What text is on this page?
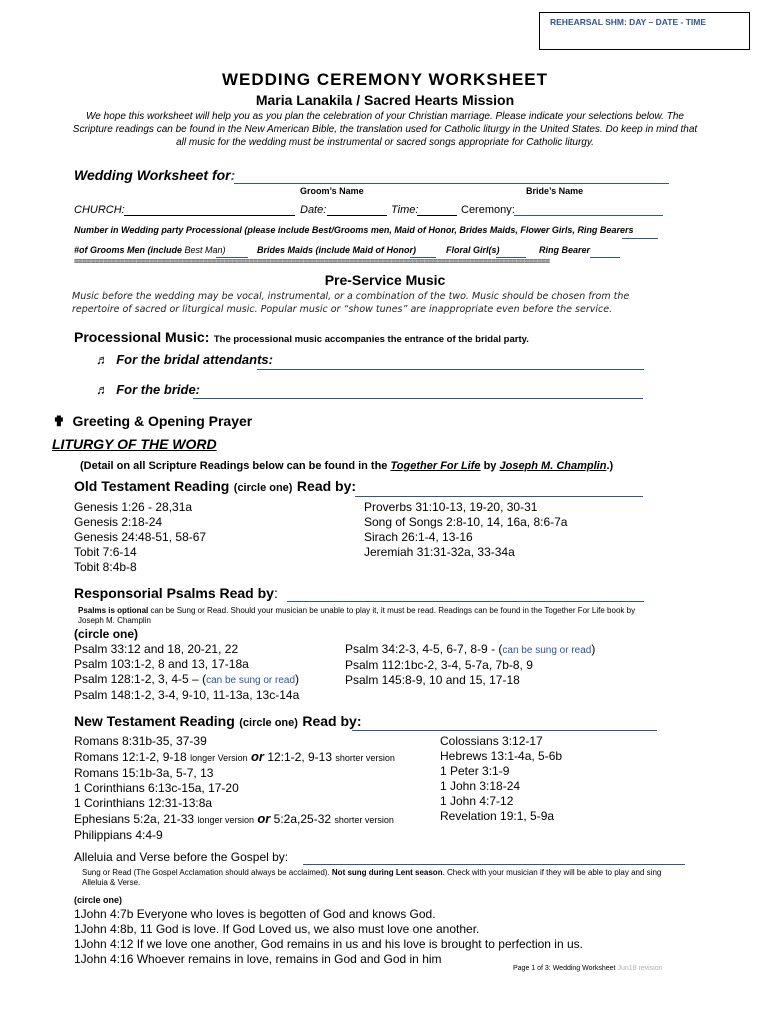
REHEARSAL SHM: DAY – DATE - TIME
WEDDING CEREMONY WORKSHEET
Maria Lanakila / Sacred Hearts Mission
We hope this worksheet will help you as you plan the celebration of your Christian marriage. Please indicate your selections below. The Scripture readings can be found in the New American Bible, the translation used for Catholic liturgy in the United States. Do keep in mind that all music for the wedding must be instrumental or sacred songs appropriate for Catholic liturgy.
Wedding Worksheet for:
Groom’s Name	Bride’s Name
CHURCH:	Date:	Time:	Ceremony:
Number in Wedding party Processional (please include Best/Grooms men, Maid of Honor, Brides Maids, Flower Girls, Ring Bearers
#of Grooms Men (include Best Man)	Brides Maids (include Maid of Honor)	Floral Girl(s)	Ring Bearer
==================================================================================================================
Pre-Service Music
Music before the wedding may be vocal, instrumental, or a combination of the two. Music should be chosen from the repertoire of sacred or liturgical music. Popular music or “show tunes” are inappropriate even before the service.
Processional Music: The processional music accompanies the entrance of the bridal party.
♬ For the bridal attendants:
♬ For the bride:
✟ Greeting & Opening Prayer
LITURGY OF THE WORD
(Detail on all Scripture Readings below can be found in the Together For Life by Joseph M. Champlin.)
Old Testament Reading (circle one) Read by:
Genesis 1:26 - 28,31a
Genesis 2:18-24
Genesis 24:48-51, 58-67
Tobit 7:6-14
Tobit 8:4b-8
Proverbs 31:10-13, 19-20, 30-31
Song of Songs 2:8-10, 14, 16a, 8:6-7a
Sirach 26:1-4, 13-16
Jeremiah 31:31-32a, 33-34a
Responsorial Psalms Read by:
Psalms is optional can be Sung or Read. Should your musician be unable to play it, it must be read. Readings can be found in the Together For Life book by Joseph M. Champlin
(circle one)
Psalm 33:12 and 18, 20-21, 22
Psalm 103:1-2, 8 and 13, 17-18a
Psalm 128:1-2, 3, 4-5 – (can be sung or read)
Psalm 148:1-2, 3-4, 9-10, 11-13a, 13c-14a
Psalm 34:2-3, 4-5, 6-7, 8-9 - (can be sung or read)
Psalm 112:1bc-2, 3-4, 5-7a, 7b-8, 9
Psalm 145:8-9, 10 and 15, 17-18
New Testament Reading (circle one) Read by:
Romans 8:31b-35, 37-39
Romans 12:1-2, 9-18 longer Version or 12:1-2, 9-13 shorter version
Romans 15:1b-3a, 5-7, 13
1 Corinthians 6:13c-15a, 17-20
1 Corinthians 12:31-13:8a
Ephesians 5:2a, 21-33 longer version or 5:2a,25-32 shorter version
Philippians 4:4-9
Colossians 3:12-17
Hebrews 13:1-4a, 5-6b
1 Peter 3:1-9
1 John 3:18-24
1 John 4:7-12
Revelation 19:1, 5-9a
Alleluia and Verse before the Gospel by:
Sung or Read (The Gospel Acclamation should always be acclaimed). Not sung during Lent season. Check with your musician if they will be able to play and sing Alleluia & Verse.
(circle one)
1John 4:7b Everyone who loves is begotten of God and knows God.
1John 4:8b, 11 God is love. If God Loved us, we also must love one another.
1John 4:12 If we love one another, God remains in us and his love is brought to perfection in us.
1John 4:16 Whoever remains in love, remains in God and God in him
Page 1 of 3: Wedding Worksheet Jun18 revision
